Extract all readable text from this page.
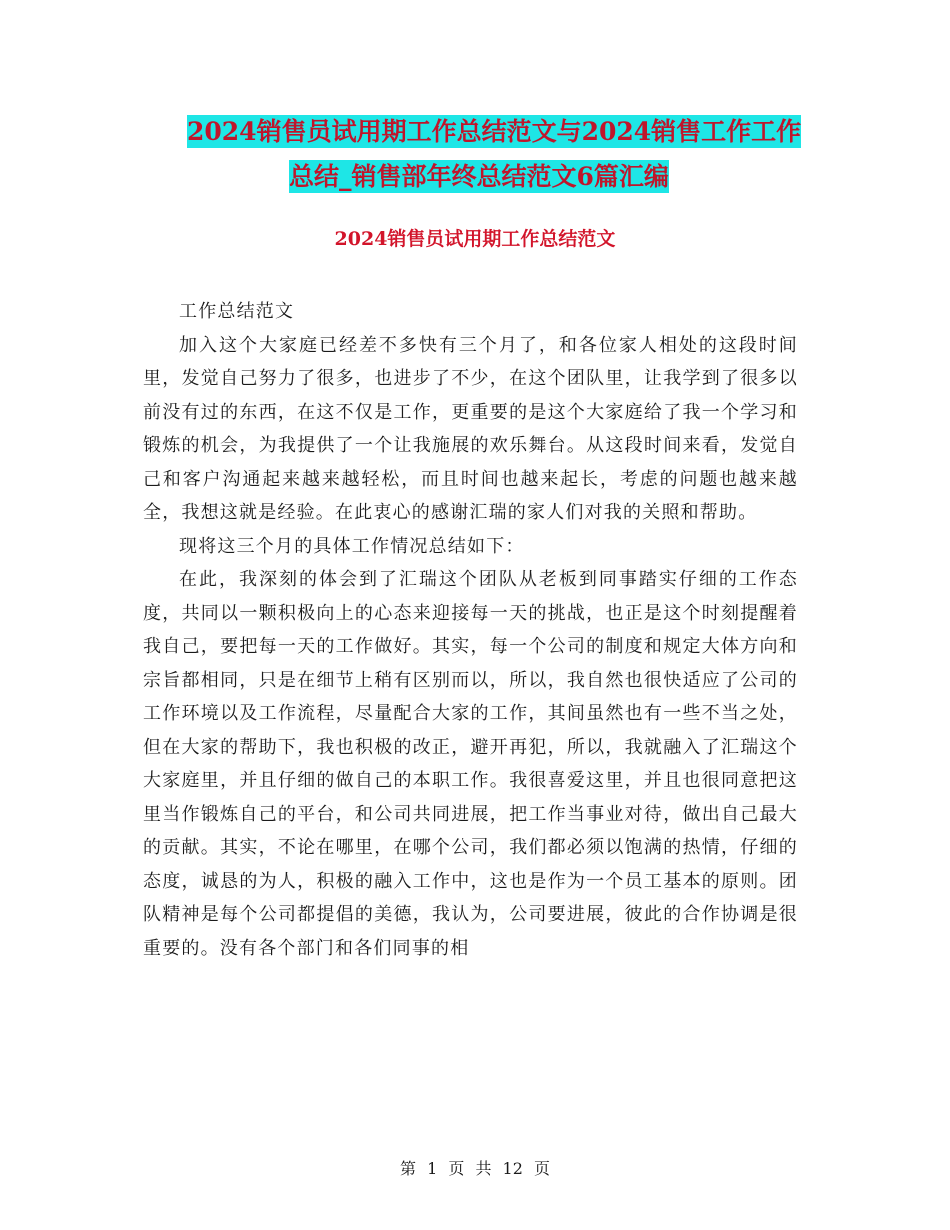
2024销售员试用期工作总结范文与2024销售工作工作
总结_销售部年终总结范文6篇汇编
2024销售员试用期工作总结范文

工作总结范文

加入这个大家庭已经差不多快有三个月了，和各位家人相处的这段时间里，发觉自己努力了很多，也进步了不少，在这个团队里，让我学到了很多以前没有过的东西，在这不仅是工作，更重要的是这个大家庭给了我一个学习和锻炼的机会，为我提供了一个让我施展的欢乐舞台。从这段时间来看，发觉自己和客户沟通起来越来越轻松，而且时间也越来起长，考虑的问题也越来越全，我想这就是经验。在此衷心的感谢汇瑞的家人们对我的关照和帮助。

现将这三个月的具体工作情况总结如下：

在此，我深刻的体会到了汇瑞这个团队从老板到同事踏实仔细的工作态度，共同以一颗积极向上的心态来迎接每一天的挑战，也正是这个时刻提醒着我自己，要把每一天的工作做好。其实，每一个公司的制度和规定大体方向和宗旨都相同，只是在细节上稍有区别而以，所以，我自然也很快适应了公司的工作环境以及工作流程，尽量配合大家的工作，其间虽然也有一些不当之处，但在大家的帮助下，我也积极的改正，避开再犯，所以，我就融入了汇瑞这个大家庭里，并且仔细的做自己的本职工作。我很喜爱这里，并且也很同意把这里当作锻炼自己的平台，和公司共同进展，把工作当事业对待，做出自己最大的贡献。其实，不论在哪里，在哪个公司，我们都必须以饱满的热情，仔细的态度，诚恳的为人，积极的融入工作中，这也是作为一个员工基本的原则。团队精神是每个公司都提倡的美德，我认为，公司要进展，彼此的合作协调是很重要的。没有各个部门和各们同事的相

第 1 页 共 12 页
